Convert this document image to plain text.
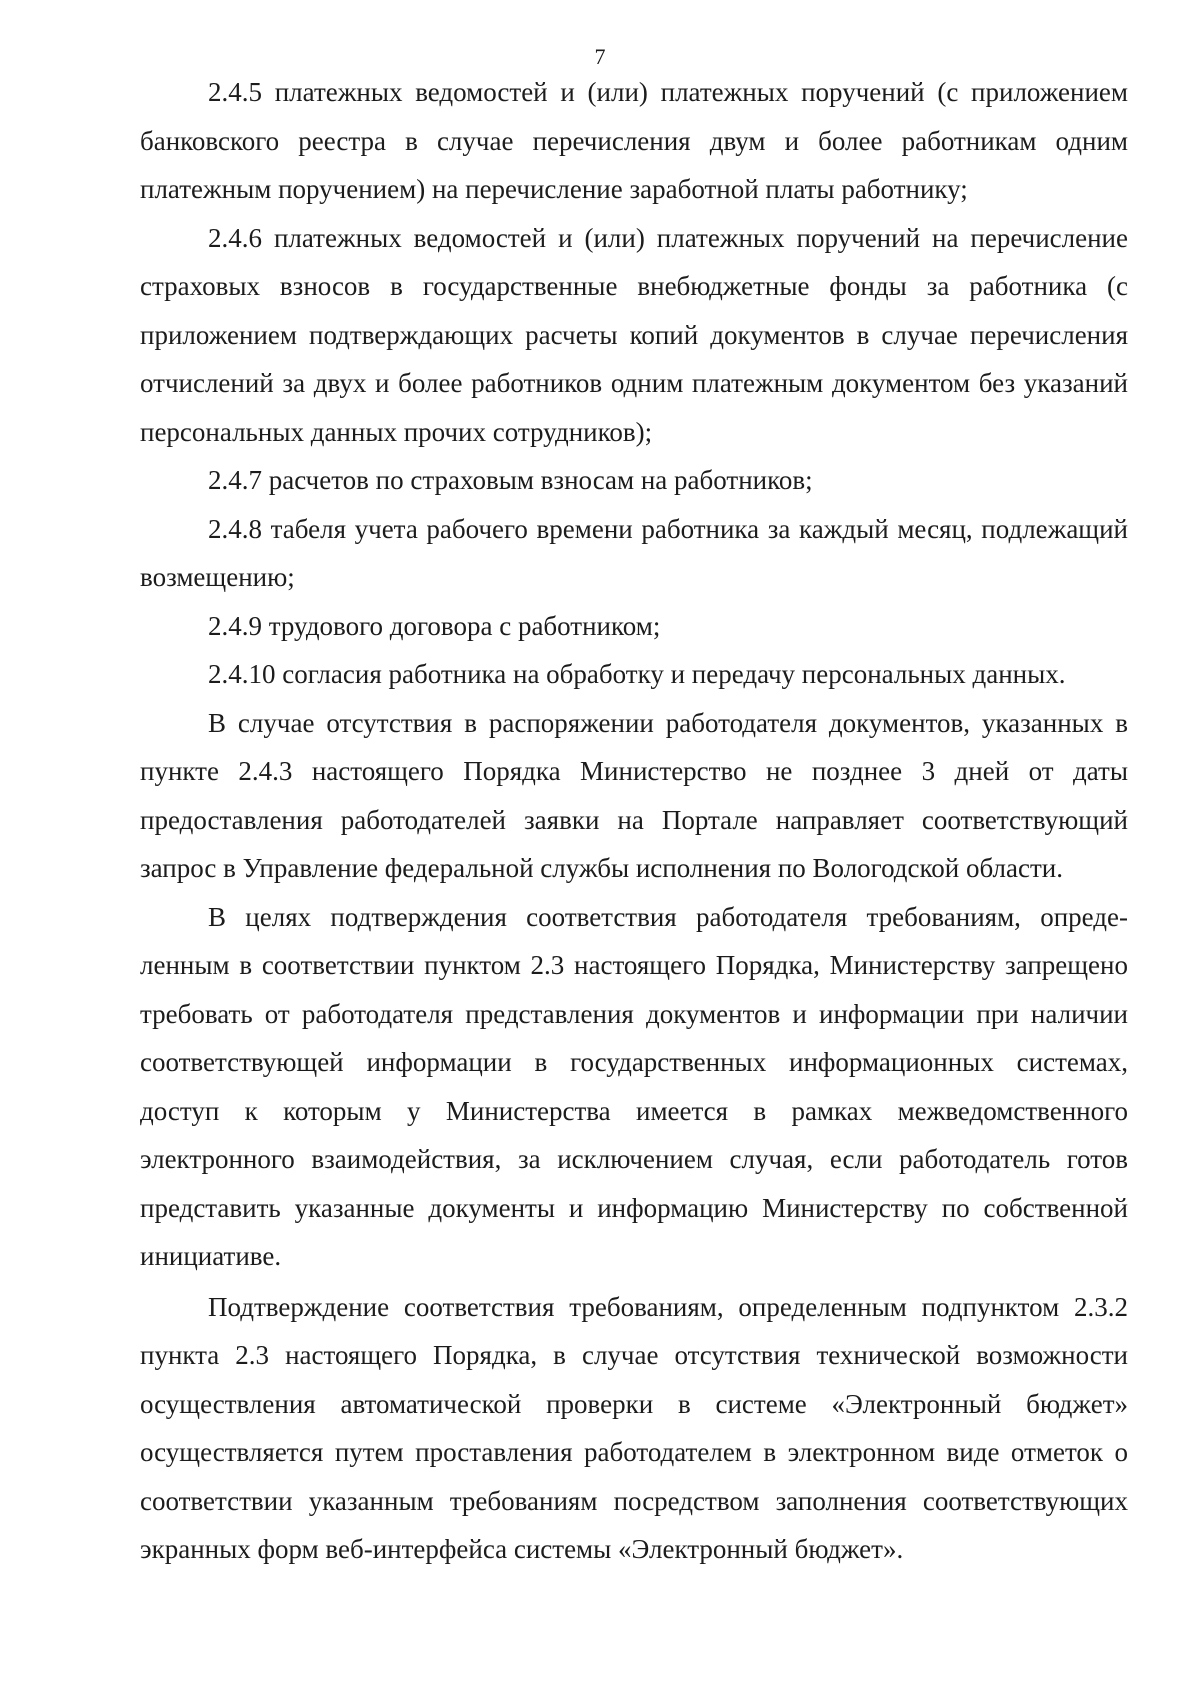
7

2.4.5 платежных ведомостей и (или) платежных поручений (с приложением банковского реестра в случае перечисления двум и более работникам одним платежным поручением) на перечисление заработной платы работнику;

2.4.6 платежных ведомостей и (или) платежных поручений на перечисление страховых взносов в государственные внебюджетные фонды за работника (с приложением подтверждающих расчеты копий документов в случае перечисления отчислений за двух и более работников одним платежным документом без указаний персональных данных прочих сотрудников);

2.4.7 расчетов по страховым взносам на работников;

2.4.8 табеля учета рабочего времени работника за каждый месяц, подлежащий возмещению;

2.4.9 трудового договора с работником;

2.4.10 согласия работника на обработку и передачу персональных данных.

В случае отсутствия в распоряжении работодателя документов, указанных в пункте 2.4.3 настоящего Порядка Министерство не позднее 3 дней от даты предоставления работодателей заявки на Портале направляет соответствующий запрос в Управление федеральной службы исполнения по Вологодской области.

В целях подтверждения соответствия работодателя требованиям, определенным в соответствии пунктом 2.3 настоящего Порядка, Министерству запрещено требовать от работодателя представления документов и информации при наличии соответствующей информации в государственных информационных системах, доступ к которым у Министерства имеется в рамках межведомственного электронного взаимодействия, за исключением случая, если работодатель готов представить указанные документы и информацию Министерству по собственной инициативе.

Подтверждение соответствия требованиям, определенным подпунктом 2.3.2 пункта 2.3 настоящего Порядка, в случае отсутствия технической возможности осуществления автоматической проверки в системе «Электронный бюджет» осуществляется путем проставления работодателем в электронном виде отметок о соответствии указанным требованиям посредством заполнения соответствующих экранных форм веб-интерфейса системы «Электронный бюджет».
